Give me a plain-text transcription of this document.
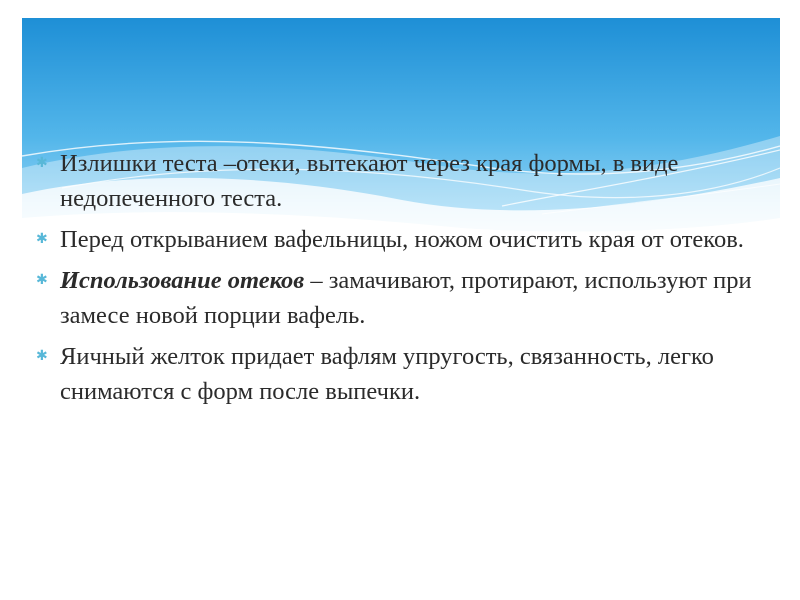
✱ Излишки теста –отеки, вытекают через края формы, в виде недопеченного теста.
✱ Перед открыванием вафельницы, ножом очистить края от отеков.
✱ Использование отеков – замачивают, протирают, используют при замесе новой порции вафель.
✱ Яичный желток придает вафлям упругость, связанность, легко снимаются с форм после выпечки.
